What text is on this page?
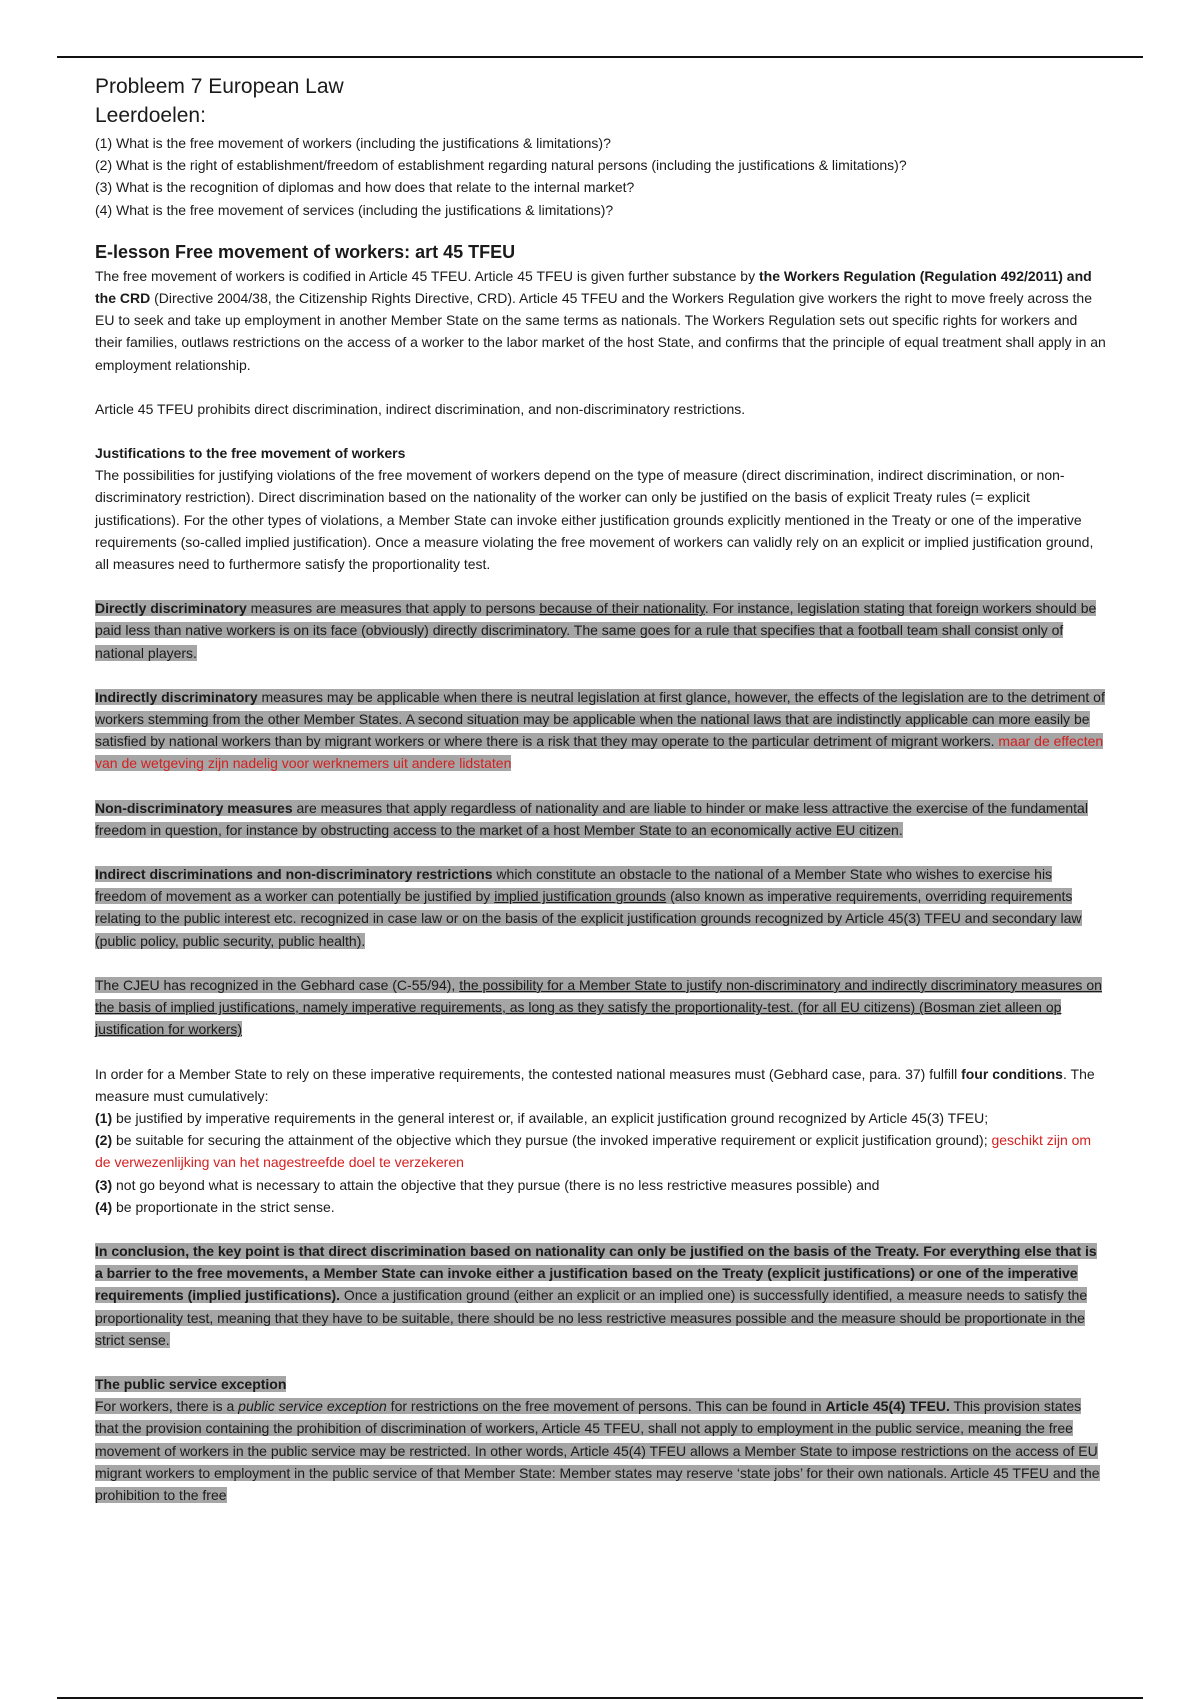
Probleem 7 European Law
Leerdoelen:

(1) What is the free movement of workers (including the justifications & limitations)?

(2) What is the right of establishment/freedom of establishment regarding natural persons (including the justifications & limitations)?

(3) What is the recognition of diplomas and how does that relate to the internal market?

(4) What is the free movement of services (including the justifications & limitations)?

E-lesson Free movement of workers: art 45 TFEU

The free movement of workers is codified in Article 45 TFEU. Article 45 TFEU is given further substance by the Workers Regulation (Regulation 492/2011) and the CRD (Directive 2004/38, the Citizenship Rights Directive, CRD). Article 45 TFEU and the Workers Regulation give workers the right to move freely across the EU to seek and take up employment in another Member State on the same terms as nationals. The Workers Regulation sets out specific rights for workers and their families, outlaws restrictions on the access of a worker to the labor market of the host State, and confirms that the principle of equal treatment shall apply in an employment relationship.

Article 45 TFEU prohibits direct discrimination, indirect discrimination, and non-discriminatory restrictions.

Justifications to the free movement of workers

The possibilities for justifying violations of the free movement of workers depend on the type of measure (direct discrimination, indirect discrimination, or non-discriminatory restriction). Direct discrimination based on the nationality of the worker can only be justified on the basis of explicit Treaty rules (= explicit justifications). For the other types of violations, a Member State can invoke either justification grounds explicitly mentioned in the Treaty or one of the imperative requirements (so-called implied justification). Once a measure violating the free movement of workers can validly rely on an explicit or implied justification ground, all measures need to furthermore satisfy the proportionality test.

Directly discriminatory measures are measures that apply to persons because of their nationality. For instance, legislation stating that foreign workers should be paid less than native workers is on its face (obviously) directly discriminatory. The same goes for a rule that specifies that a football team shall consist only of national players.

Indirectly discriminatory measures may be applicable when there is neutral legislation at first glance, however, the effects of the legislation are to the detriment of workers stemming from the other Member States. A second situation may be applicable when the national laws that are indistinctly applicable can more easily be satisfied by national workers than by migrant workers or where there is a risk that they may operate to the particular detriment of migrant workers. maar de effecten van de wetgeving zijn nadelig voor werknemers uit andere lidstaten

Non-discriminatory measures are measures that apply regardless of nationality and are liable to hinder or make less attractive the exercise of the fundamental freedom in question, for instance by obstructing access to the market of a host Member State to an economically active EU citizen.

Indirect discriminations and non-discriminatory restrictions which constitute an obstacle to the national of a Member State who wishes to exercise his freedom of movement as a worker can potentially be justified by implied justification grounds (also known as imperative requirements, overriding requirements relating to the public interest etc. recognized in case law or on the basis of the explicit justification grounds recognized by Article 45(3) TFEU and secondary law (public policy, public security, public health).

The CJEU has recognized in the Gebhard case (C-55/94), the possibility for a Member State to justify non-discriminatory and indirectly discriminatory measures on the basis of implied justifications, namely imperative requirements, as long as they satisfy the proportionality-test. (for all EU citizens) (Bosman ziet alleen op justification for workers)

In order for a Member State to rely on these imperative requirements, the contested national measures must (Gebhard case, para. 37) fulfill four conditions. The measure must cumulatively:

(1) be justified by imperative requirements in the general interest or, if available, an explicit justification ground recognized by Article 45(3) TFEU;

(2) be suitable for securing the attainment of the objective which they pursue (the invoked imperative requirement or explicit justification ground); geschikt zijn om de verwezenlijking van het nagestreefde doel te verzekeren

(3) not go beyond what is necessary to attain the objective that they pursue (there is no less restrictive measures possible) and

(4) be proportionate in the strict sense.

In conclusion, the key point is that direct discrimination based on nationality can only be justified on the basis of the Treaty. For everything else that is a barrier to the free movements, a Member State can invoke either a justification based on the Treaty (explicit justifications) or one of the imperative requirements (implied justifications). Once a justification ground (either an explicit or an implied one) is successfully identified, a measure needs to satisfy the proportionality test, meaning that they have to be suitable, there should be no less restrictive measures possible and the measure should be proportionate in the strict sense.

The public service exception

For workers, there is a public service exception for restrictions on the free movement of persons. This can be found in Article 45(4) TFEU. This provision states that the provision containing the prohibition of discrimination of workers, Article 45 TFEU, shall not apply to employment in the public service, meaning the free movement of workers in the public service may be restricted. In other words, Article 45(4) TFEU allows a Member State to impose restrictions on the access of EU migrant workers to employment in the public service of that Member State: Member states may reserve ‘state jobs’ for their own nationals. Article 45 TFEU and the prohibition to the free
